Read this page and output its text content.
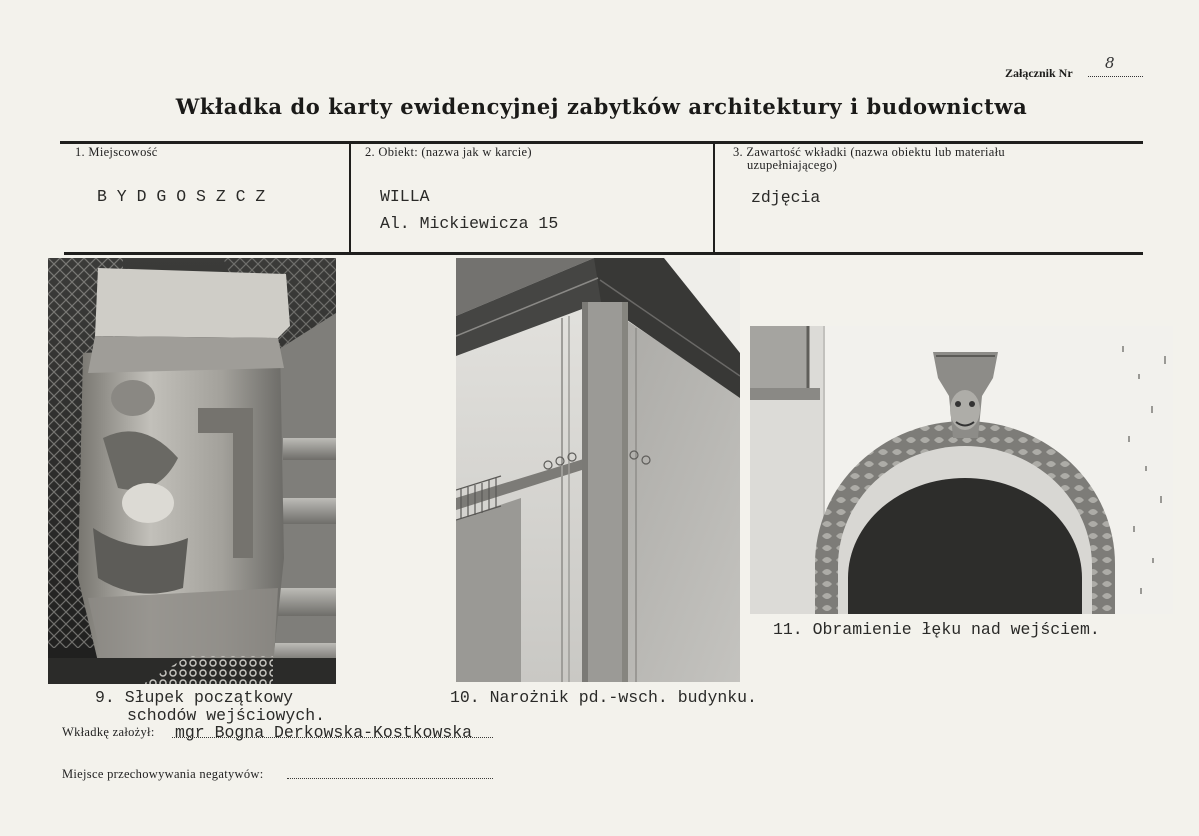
Załącznik Nr
8
Wkładka do karty ewidencyjnej zabytków architektury i budownictwa
1. Miejscowość
B Y D G O S Z C Z
2. Obiekt: (nazwa jak w karcie)
WILLA
Al. Mickiewicza 15
3. Zawartość wkładki (nazwa obiektu lub materiału
uzupełniającego)
zdjęcia
9. Słupek początkowy
schodów wejściowych.
10. Narożnik pd.-wsch. budynku.
11. Obramienie łęku nad wejściem.
Wkładkę założył: mgr Bogna Derkowska-Kostkowska
Miejsce przechowywania negatywów:
